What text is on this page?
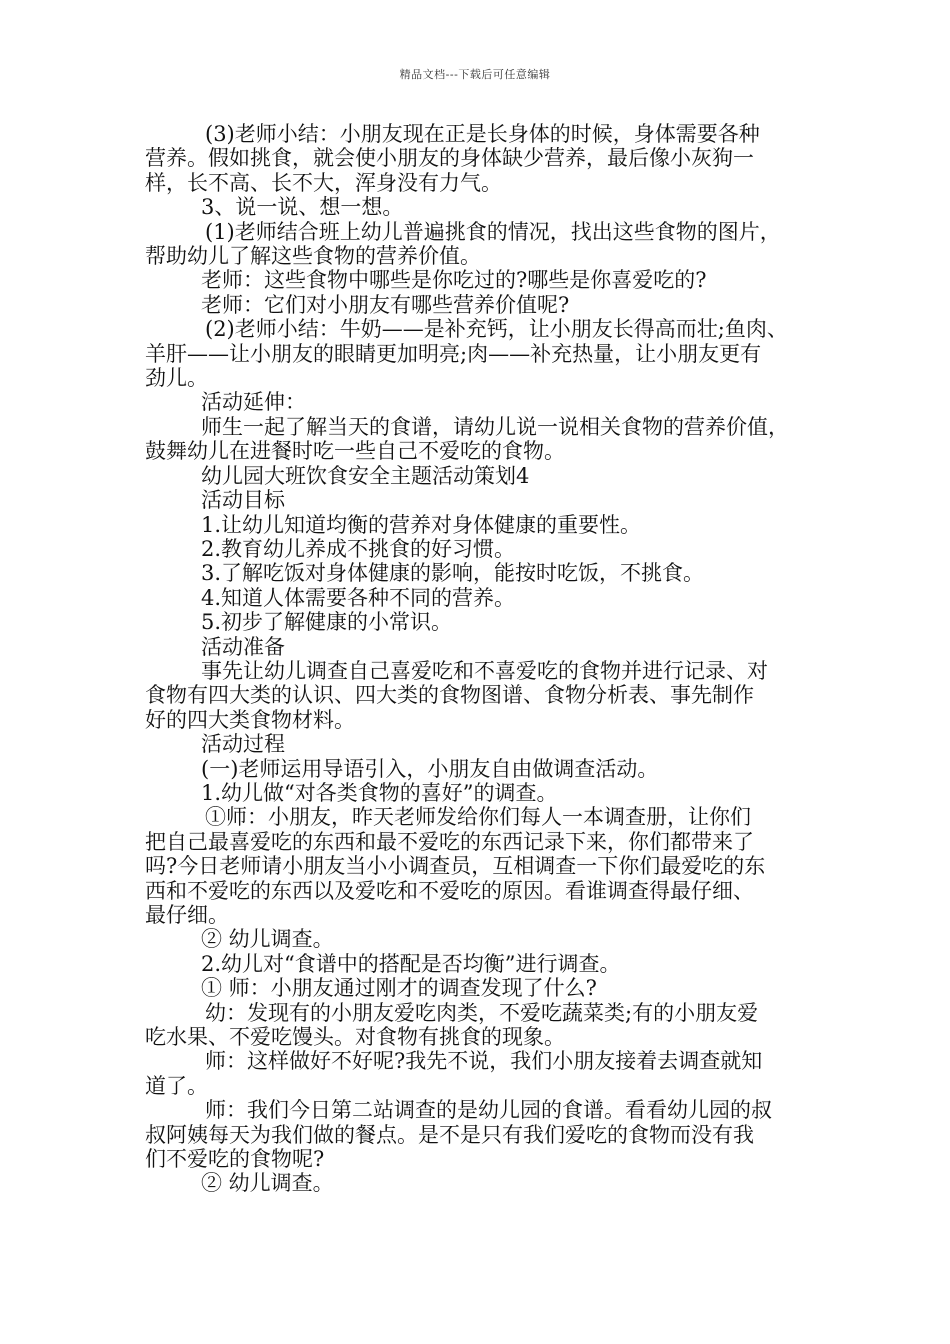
精品文档---下载后可任意编辑

(3)老师小结：小朋友现在正是长身体的时候，身体需要各种

营养。假如挑食，就会使小朋友的身体缺少营养，最后像小灰狗一

样，长不高、长不大，浑身没有力气。

3、说一说、想一想。

(1)老师结合班上幼儿普遍挑食的情况，找出这些食物的图片，

帮助幼儿了解这些食物的营养价值。

老师：这些食物中哪些是你吃过的?哪些是你喜爱吃的?

老师：它们对小朋友有哪些营养价值呢?

(2)老师小结：牛奶——是补充钙，让小朋友长得高而壮;鱼肉、

羊肝——让小朋友的眼睛更加明亮;肉——补充热量，让小朋友更有

劲儿。

活动延伸：

师生一起了解当天的食谱，请幼儿说一说相关食物的营养价值，

鼓舞幼儿在进餐时吃一些自己不爱吃的食物。

幼儿园大班饮食安全主题活动策划4

活动目标

1.让幼儿知道均衡的营养对身体健康的重要性。

2.教育幼儿养成不挑食的好习惯。

3.了解吃饭对身体健康的影响，能按时吃饭，不挑食。

4.知道人体需要各种不同的营养。

5.初步了解健康的小常识。

活动准备

事先让幼儿调查自己喜爱吃和不喜爱吃的食物并进行记录、对

食物有四大类的认识、四大类的食物图谱、食物分析表、事先制作

好的四大类食物材料。

活动过程

(一)老师运用导语引入，小朋友自由做调查活动。

1.幼儿做“对各类食物的喜好”的调查。

①师：小朋友，昨天老师发给你们每人一本调查册，让你们

把自己最喜爱吃的东西和最不爱吃的东西记录下来，你们都带来了

吗?今日老师请小朋友当小小调查员，互相调查一下你们最爱吃的东

西和不爱吃的东西以及爱吃和不爱吃的原因。看谁调查得最仔细、

最仔细。

② 幼儿调查。

2.幼儿对“食谱中的搭配是否均衡”进行调查。

① 师：小朋友通过刚才的调查发现了什么?

幼：发现有的小朋友爱吃肉类，不爱吃蔬菜类;有的小朋友爱

吃水果、不爱吃馒头。对食物有挑食的现象。

师：这样做好不好呢?我先不说，我们小朋友接着去调查就知

道了。

师：我们今日第二站调查的是幼儿园的食谱。看看幼儿园的叔

叔阿姨每天为我们做的餐点。是不是只有我们爱吃的食物而没有我

们不爱吃的食物呢?

② 幼儿调查。
